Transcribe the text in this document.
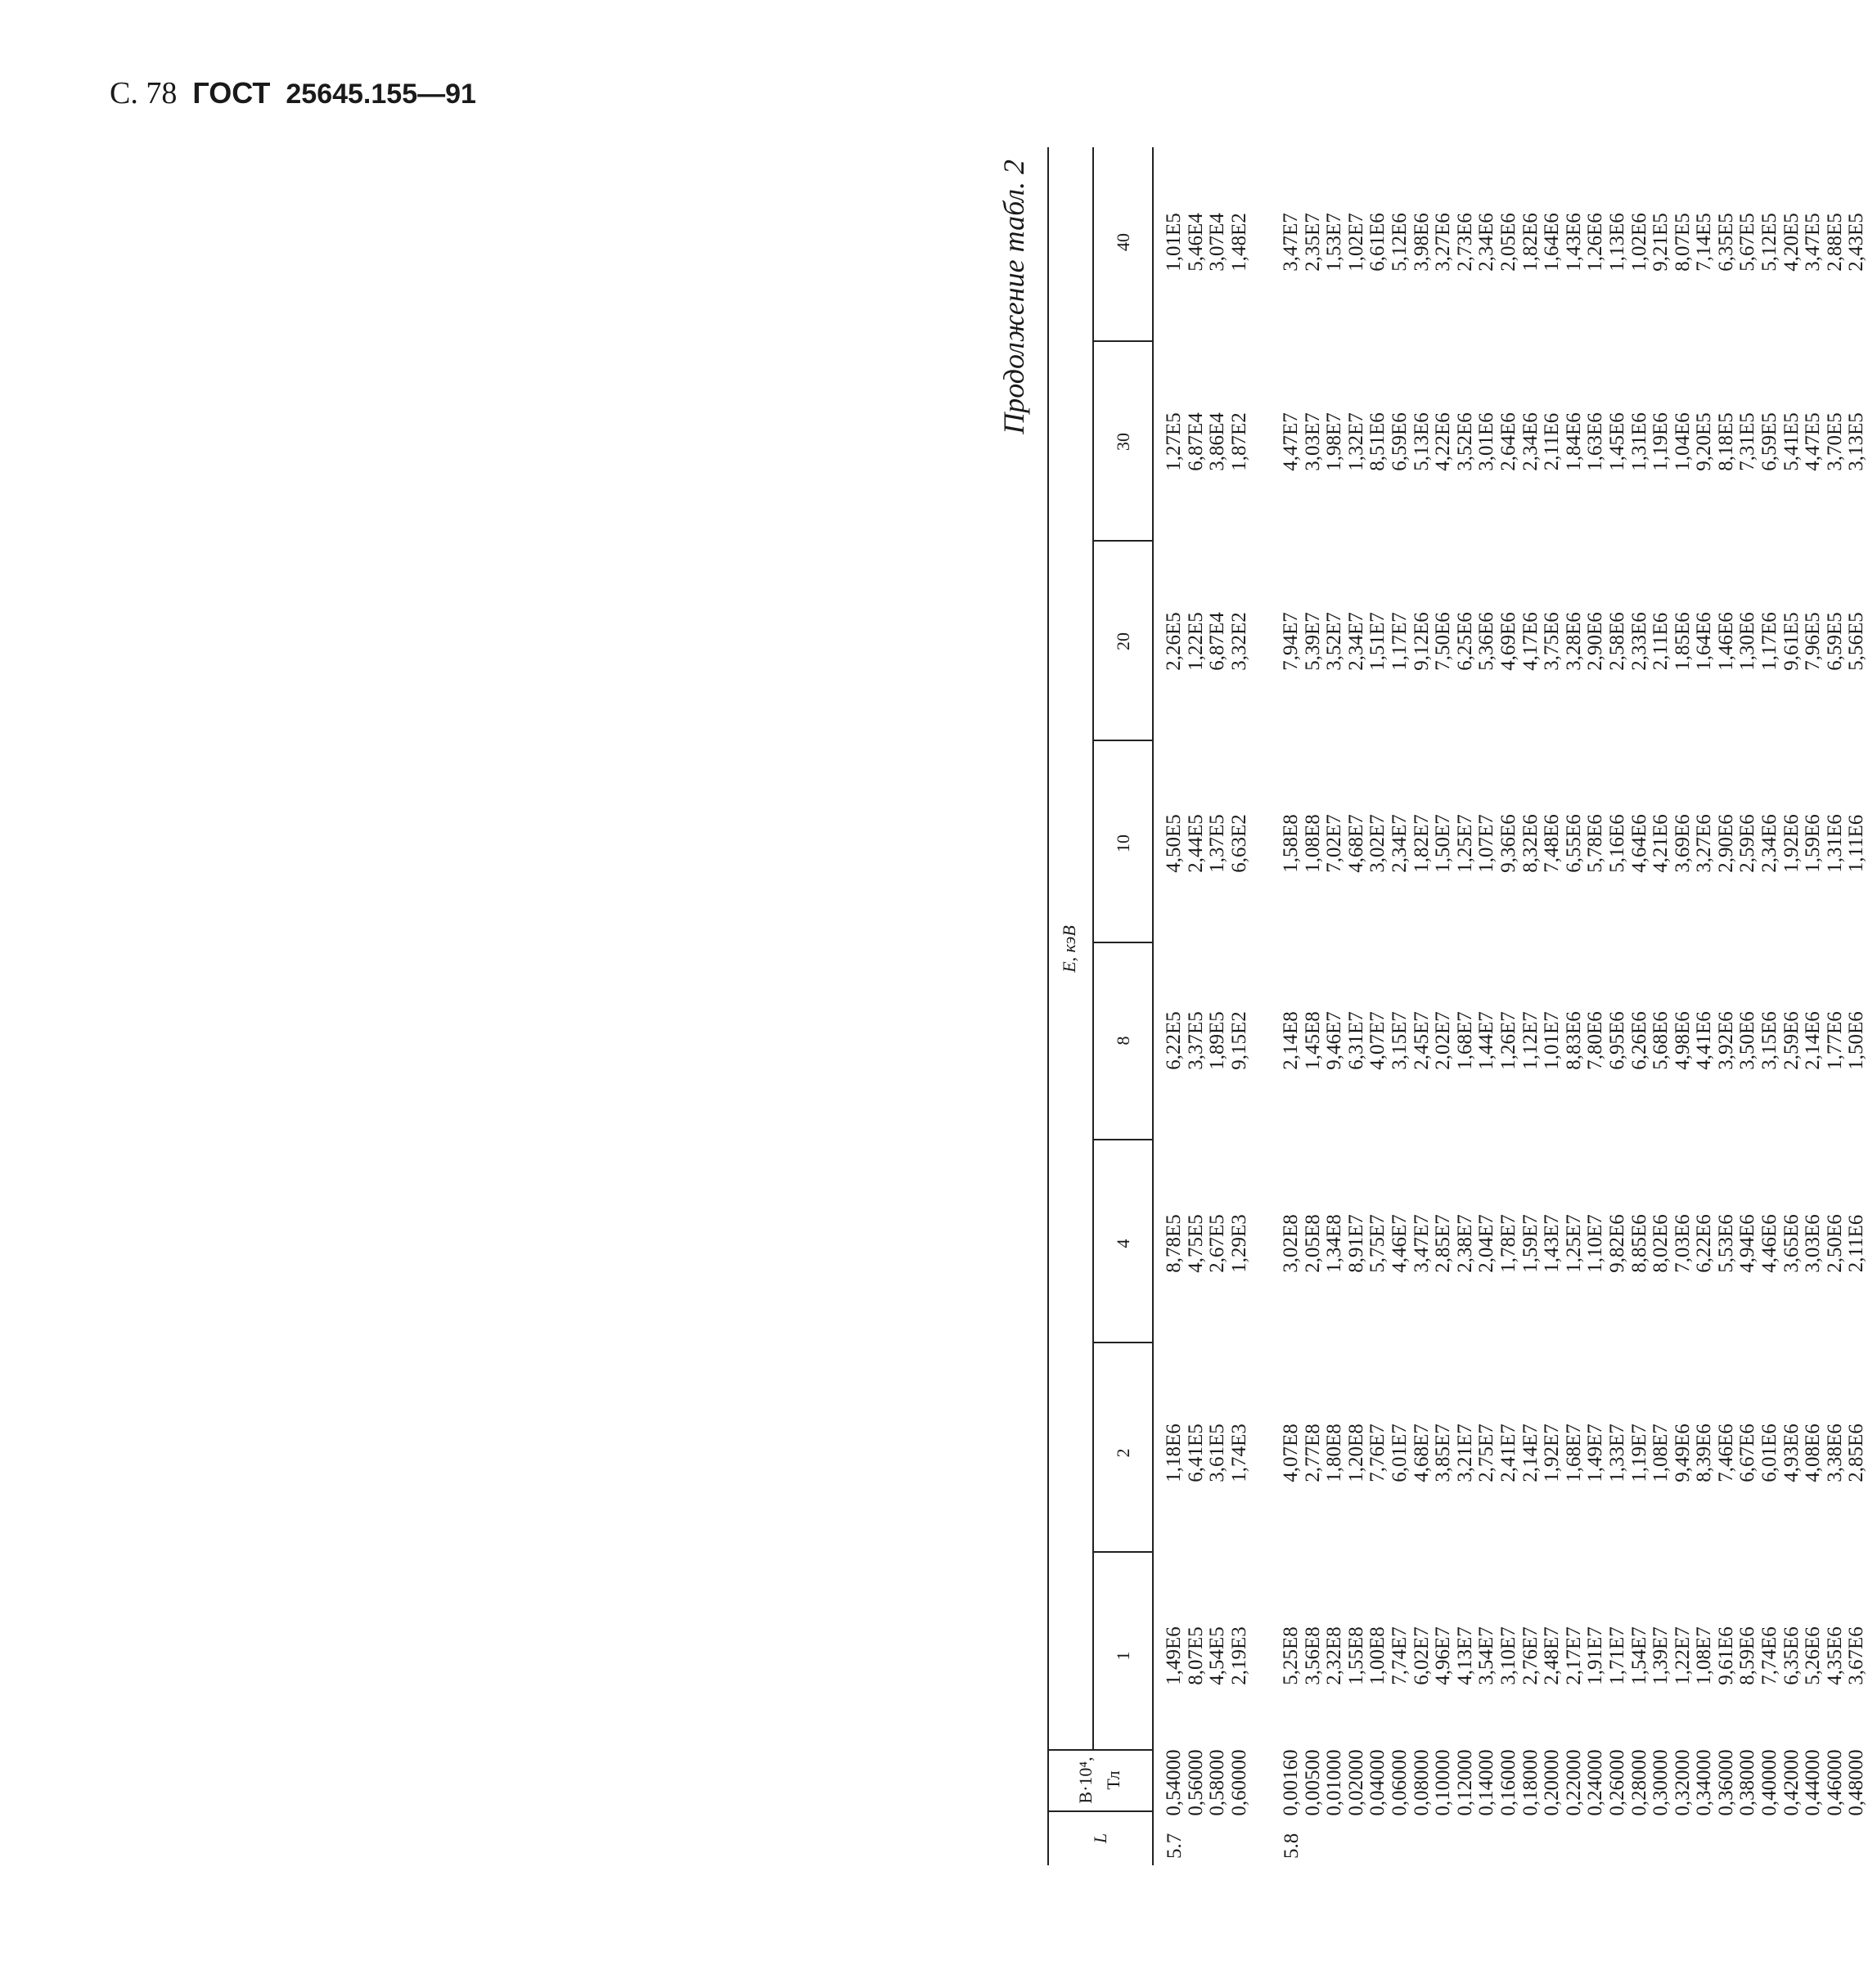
С. 78 ГОСТ 25645.155—91
Продолжение табл. 2
L
B·10⁴, Тл
E, кэВ
1
2
4
8
10
20
30
40
5.7
0,54000 0,56000 0,58000 0,60000
1,49E6 8,07E5 4,54E5 2,19E3
1,18E6 6,41E5 3,61E5 1,74E3
8,78E5 4,75E5 2,67E5 1,29E3
6,22E5 3,37E5 1,89E5 9,15E2
4,50E5 2,44E5 1,37E5 6,63E2
2,26E5 1,22E5 6,87E4 3,32E2
1,27E5 6,87E4 3,86E4 1,87E2
1,01E5 5,46E4 3,07E4 1,48E2
5.8
0,00160 0,00500 0,01000 0,02000 0,04000 0,06000 0,08000 0,10000 0,12000 0,14000 0,16000 0,18000 0,20000 0,22000 0,24000 0,26000 0,28000 0,30000 0,32000 0,34000 0,36000 0,38000 0,40000 0,42000 0,44000 0,46000 0,48000
5,25E8 3,56E8 2,32E8 1,55E8 1,00E8 7,74E7 6,02E7 4,96E7 4,13E7 3,54E7 3,10E7 2,76E7 2,48E7 2,17E7 1,91E7 1,71E7 1,54E7 1,39E7 1,22E7 1,08E7 9,61E6 8,59E6 7,74E6 6,35E6 5,26E6 4,35E6 3,67E6
4,07E8 2,77E8 1,80E8 1,20E8 7,76E7 6,01E7 4,68E7 3,85E7 3,21E7 2,75E7 2,41E7 2,14E7 1,92E7 1,68E7 1,49E7 1,33E7 1,19E7 1,08E7 9,49E6 8,39E6 7,46E6 6,67E6 6,01E6 4,93E6 4,08E6 3,38E6 2,85E6
3,02E8 2,05E8 1,34E8 8,91E7 5,75E7 4,46E7 3,47E7 2,85E7 2,38E7 2,04E7 1,78E7 1,59E7 1,43E7 1,25E7 1,10E7 9,82E6 8,85E6 8,02E6 7,03E6 6,22E6 5,53E6 4,94E6 4,46E6 3,65E6 3,03E6 2,50E6 2,11E6
2,14E8 1,45E8 9,46E7 6,31E7 4,07E7 3,15E7 2,45E7 2,02E7 1,68E7 1,44E7 1,26E7 1,12E7 1,01E7 8,83E6 7,80E6 6,95E6 6,26E6 5,68E6 4,98E6 4,41E6 3,92E6 3,50E6 3,15E6 2,59E6 2,14E6 1,77E6 1,50E6
1,58E8 1,08E8 7,02E7 4,68E7 3,02E7 2,34E7 1,82E7 1,50E7 1,25E7 1,07E7 9,36E6 8,32E6 7,48E6 6,55E6 5,78E6 5,16E6 4,64E6 4,21E6 3,69E6 3,27E6 2,90E6 2,59E6 2,34E6 1,92E6 1,59E6 1,31E6 1,11E6
7,94E7 5,39E7 3,52E7 2,34E7 1,51E7 1,17E7 9,12E6 7,50E6 6,25E6 5,36E6 4,69E6 4,17E6 3,75E6 3,28E6 2,90E6 2,58E6 2,33E6 2,11E6 1,85E6 1,64E6 1,46E6 1,30E6 1,17E6 9,61E5 7,96E5 6,59E5 5,56E5
4,47E7 3,03E7 1,98E7 1,32E7 8,51E6 6,59E6 5,13E6 4,22E6 3,52E6 3,01E6 2,64E6 2,34E6 2,11E6 1,84E6 1,63E6 1,45E6 1,31E6 1,19E6 1,04E6 9,20E5 8,18E5 7,31E5 6,59E5 5,41E5 4,47E5 3,70E5 3,13E5
3,47E7 2,35E7 1,53E7 1,02E7 6,61E6 5,12E6 3,98E6 3,27E6 2,73E6 2,34E6 2,05E6 1,82E6 1,64E6 1,43E6 1,26E6 1,13E6 1,02E6 9,21E5 8,07E5 7,14E5 6,35E5 5,67E5 5,12E5 4,20E5 3,47E5 2,88E5 2,43E5
